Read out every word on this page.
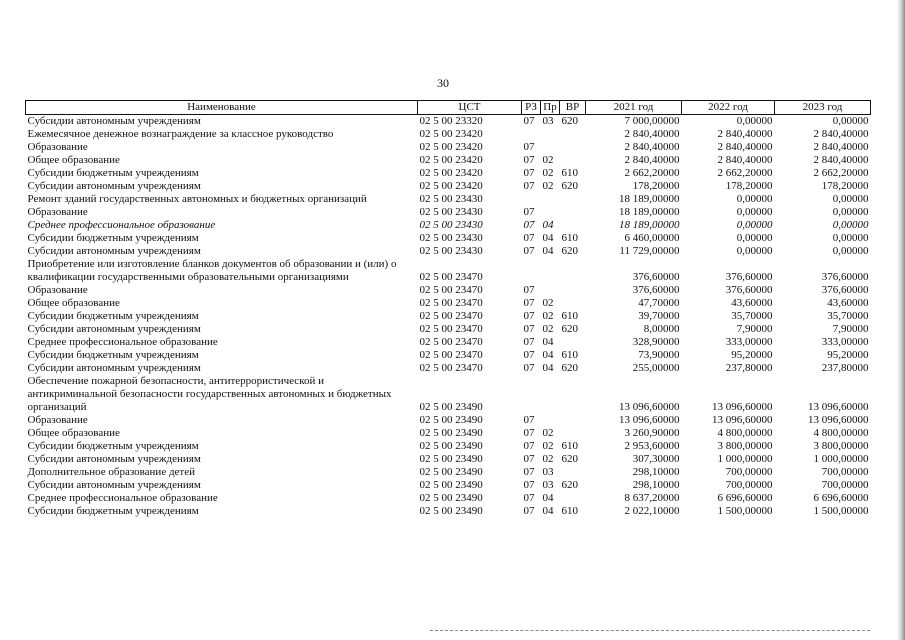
30
Наименование	ЦСТ	РЗ	Пр	ВР	2021 год	2022 год	2023 год
Субсидии автономным учреждениям	02 5 00 23320	07	03	620	7 000,00000	0,00000	0,00000
Ежемесячное денежное вознаграждение за классное руководство	02 5 00 23420				2 840,40000	2 840,40000	2 840,40000
Образование	02 5 00 23420	07			2 840,40000	2 840,40000	2 840,40000
Общее образование	02 5 00 23420	07	02		2 840,40000	2 840,40000	2 840,40000
Субсидии бюджетным учреждениям	02 5 00 23420	07	02	610	2 662,20000	2 662,20000	2 662,20000
Субсидии автономным учреждениям	02 5 00 23420	07	02	620	178,20000	178,20000	178,20000
Ремонт зданий государственных автономных и бюджетных организаций	02 5 00 23430				18 189,00000	0,00000	0,00000
Образование	02 5 00 23430	07			18 189,00000	0,00000	0,00000
Среднее профессиональное образование	02 5 00 23430	07	04		18 189,00000	0,00000	0,00000
Субсидии бюджетным учреждениям	02 5 00 23430	07	04	610	6 460,00000	0,00000	0,00000
Субсидии автономным учреждениям	02 5 00 23430	07	04	620	11 729,00000	0,00000	0,00000
Приобретение или изготовление бланков документов об образовании и (или) о квалификации государственными образовательными организациями	02 5 00 23470				376,60000	376,60000	376,60000
Образование	02 5 00 23470	07			376,60000	376,60000	376,60000
Общее образование	02 5 00 23470	07	02		47,70000	43,60000	43,60000
Субсидии бюджетным учреждениям	02 5 00 23470	07	02	610	39,70000	35,70000	35,70000
Субсидии автономным учреждениям	02 5 00 23470	07	02	620	8,00000	7,90000	7,90000
Среднее профессиональное образование	02 5 00 23470	07	04		328,90000	333,00000	333,00000
Субсидии бюджетным учреждениям	02 5 00 23470	07	04	610	73,90000	95,20000	95,20000
Субсидии автономным учреждениям	02 5 00 23470	07	04	620	255,00000	237,80000	237,80000
Обеспечение пожарной безопасности, антитеррористической и антикриминальной безопасности государственных автономных и бюджетных организаций	02 5 00 23490				13 096,60000	13 096,60000	13 096,60000
Образование	02 5 00 23490	07			13 096,60000	13 096,60000	13 096,60000
Общее образование	02 5 00 23490	07	02		3 260,90000	4 800,00000	4 800,00000
Субсидии бюджетным учреждениям	02 5 00 23490	07	02	610	2 953,60000	3 800,00000	3 800,00000
Субсидии автономным учреждениям	02 5 00 23490	07	02	620	307,30000	1 000,00000	1 000,00000
Дополнительное образование детей	02 5 00 23490	07	03		298,10000	700,00000	700,00000
Субсидии автономным учреждениям	02 5 00 23490	07	03	620	298,10000	700,00000	700,00000
Среднее профессиональное образование	02 5 00 23490	07	04		8 637,20000	6 696,60000	6 696,60000
Субсидии бюджетным учреждениям	02 5 00 23490	07	04	610	2 022,10000	1 500,00000	1 500,00000
